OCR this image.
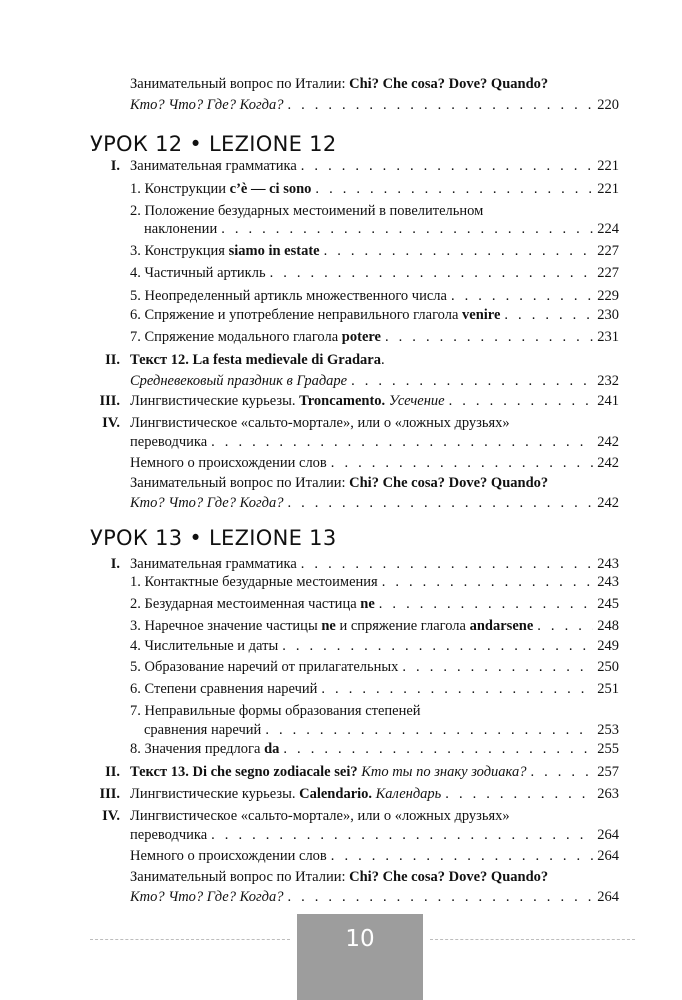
Занимательный вопрос по Италии: Chi? Che cosa? Dove? Quando?
Кто? Что? Где? Когда? . . .	220
УРОК 12 • LEZIONE 12
I. Занимательная грамматика . . .	221
1. Конструкции c’è — ci sono . . .	221
2. Положение безударных местоимений в повелительном
наклонении . . .	224
3. Конструкция siamo in estate . . .	227
4. Частичный артикль . . .	227
5. Неопределенный артикль множественного числа . . .	229
6. Спряжение и употребление неправильного глагола venire . . .	230
7. Спряжение модального глагола potere . . .	231
II. Текст 12. La festa medievale di Gradara.
Средневековый праздник в Градаре . . .	232
III. Лингвистические курьезы. Troncamento. Усечение . . .	241
IV. Лингвистическое «сальто-мортале», или о «ложных друзьях»
переводчика . . .	242
Немного о происхождении слов . . .	242
Занимательный вопрос по Италии: Chi? Che cosa? Dove? Quando?
Кто? Что? Где? Когда? . . .	242
УРОК 13 • LEZIONE 13
I. Занимательная грамматика . . .	243
1. Контактные безударные местоимения . . .	243
2. Безударная местоименная частица ne . . .	245
3. Наречное значение частицы ne и спряжение глагола andarsene . . .	248
4. Числительные и даты . . .	249
5. Образование наречий от прилагательных . . .	250
6. Степени сравнения наречий . . .	251
7. Неправильные формы образования степеней
сравнения наречий . . .	253
8. Значения предлога da . . .	255
II. Текст 13. Di che segno zodiacale sei? Кто ты по знаку зодиака? . . .	257
III. Лингвистические курьезы. Calendario. Календарь . . .	263
IV. Лингвистическое «сальто-мортале», или о «ложных друзьях»
переводчика . . .	264
Немного о происхождении слов . . .	264
Занимательный вопрос по Италии: Chi? Che cosa? Dove? Quando?
Кто? Что? Где? Когда? . . .	264
10
